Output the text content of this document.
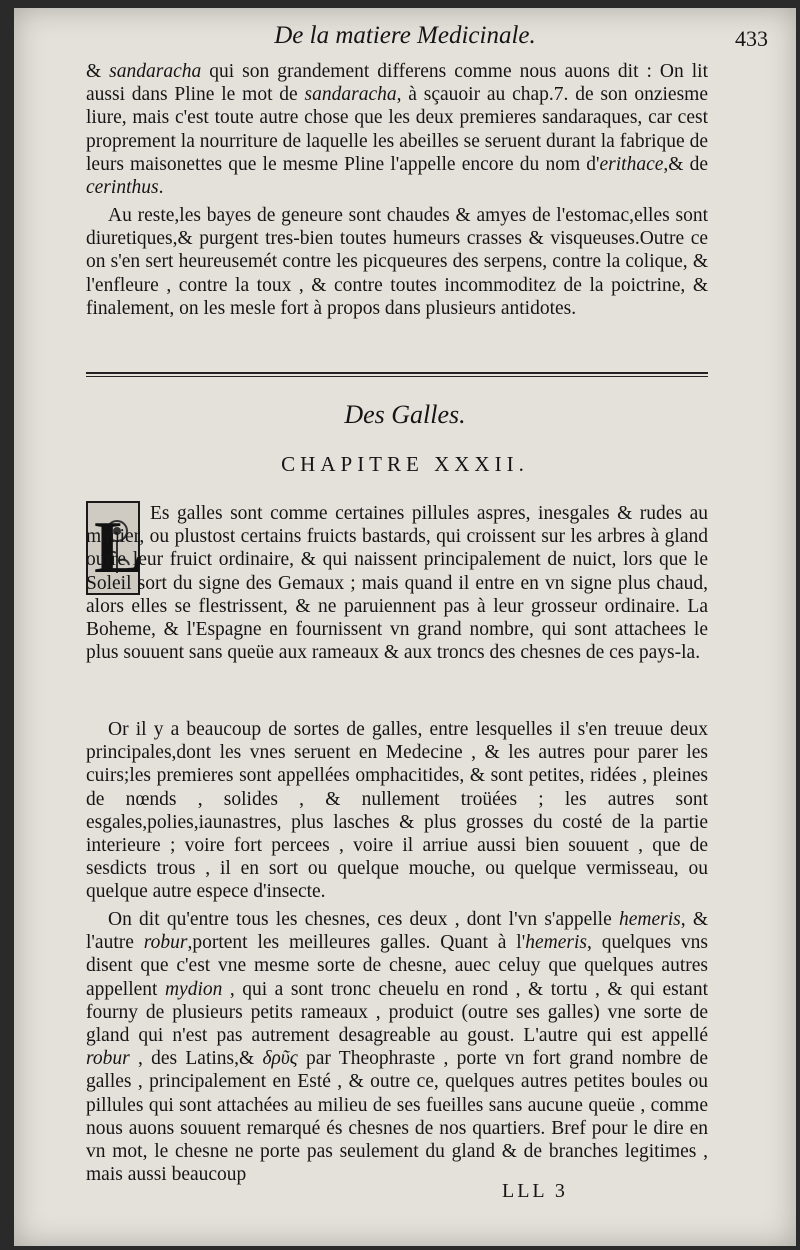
De la matiere Medicinale.	433

& sandaracha qui son grandement differens comme nous auons dit : On lit aussi dans Pline le mot de sandaracha, à sçauoir au chap.7. de son onziesme liure, mais c'est toute autre chose que les deux premieres sandaraques, car cest proprement la nourriture de laquelle les abeilles se seruent durant la fabrique de leurs maisonettes que le mesme Pline l'appelle encore du nom d'erithace,& de cerinthus.

Au reste,les bayes de geneure sont chaudes & amyes de l'estomac,elles sont diuretiques,& purgent tres-bien toutes humeurs crasses & visqueuses.Outre ce on s'en sert heureusemét contre les picqueures des serpens, contre la colique, & l'enfleure , contre la toux , & contre toutes incommoditez de la poictrine, & finalement, on les mesle fort à propos dans plusieurs antidotes.

Des Galles.
CHAPITRE XXXII.
L Es galles sont comme certaines pillules aspres, inesgales & rudes au manier, ou plustost certains fruicts bastards, qui croissent sur les arbres à gland outre leur fruict ordinaire, & qui naissent principalement de nuict, lors que le Soleil sort du signe des Gemaux ; mais quand il entre en vn signe plus chaud, alors elles se flestrissent, & ne paruiennent pas à leur grosseur ordinaire. La Boheme, & l'Espagne en fournissent vn grand nombre, qui sont attachees le plus souuent sans queüe aux rameaux & aux troncs des chesnes de ces pays-la.

Or il y a beaucoup de sortes de galles, entre lesquelles il s'en treuue deux principales,dont les vnes seruent en Medecine , & les autres pour parer les cuirs;les premieres sont appellées omphacitides, & sont petites, ridées , pleines de nœnds , solides , & nullement troüées ; les autres sont esgales,polies,iaunastres, plus lasches & plus grosses du costé de la partie interieure ; voire fort percees , voire il arriue aussi bien souuent , que de sesdicts trous , il en sort ou quelque mouche, ou quelque vermisseau, ou quelque autre espece d'insecte.

On dit qu'entre tous les chesnes, ces deux , dont l'vn s'appelle hemeris, & l'autre robur,portent les meilleures galles. Quant à l'hemeris, quelques vns disent que c'est vne mesme sorte de chesne, auec celuy que quelques autres appellent mydion , qui a sont tronc cheuelu en rond , & tortu , & qui estant fourny de plusieurs petits rameaux , produict (outre ses galles) vne sorte de gland qui n'est pas autrement desagreable au goust. L'autre qui est appellé robur , des Latins,& δρῦς par Theophraste , porte vn fort grand nombre de galles , principalement en Esté , & outre ce, quelques autres petites boules ou pillules qui sont attachées au milieu de ses fueilles sans aucune queüe , comme nous auons souuent remarqué és chesnes de nos quartiers. Bref pour le dire en vn mot, le chesne ne porte pas seulement du gland & de branches legitimes , mais aussi beaucoup

LLL 3
